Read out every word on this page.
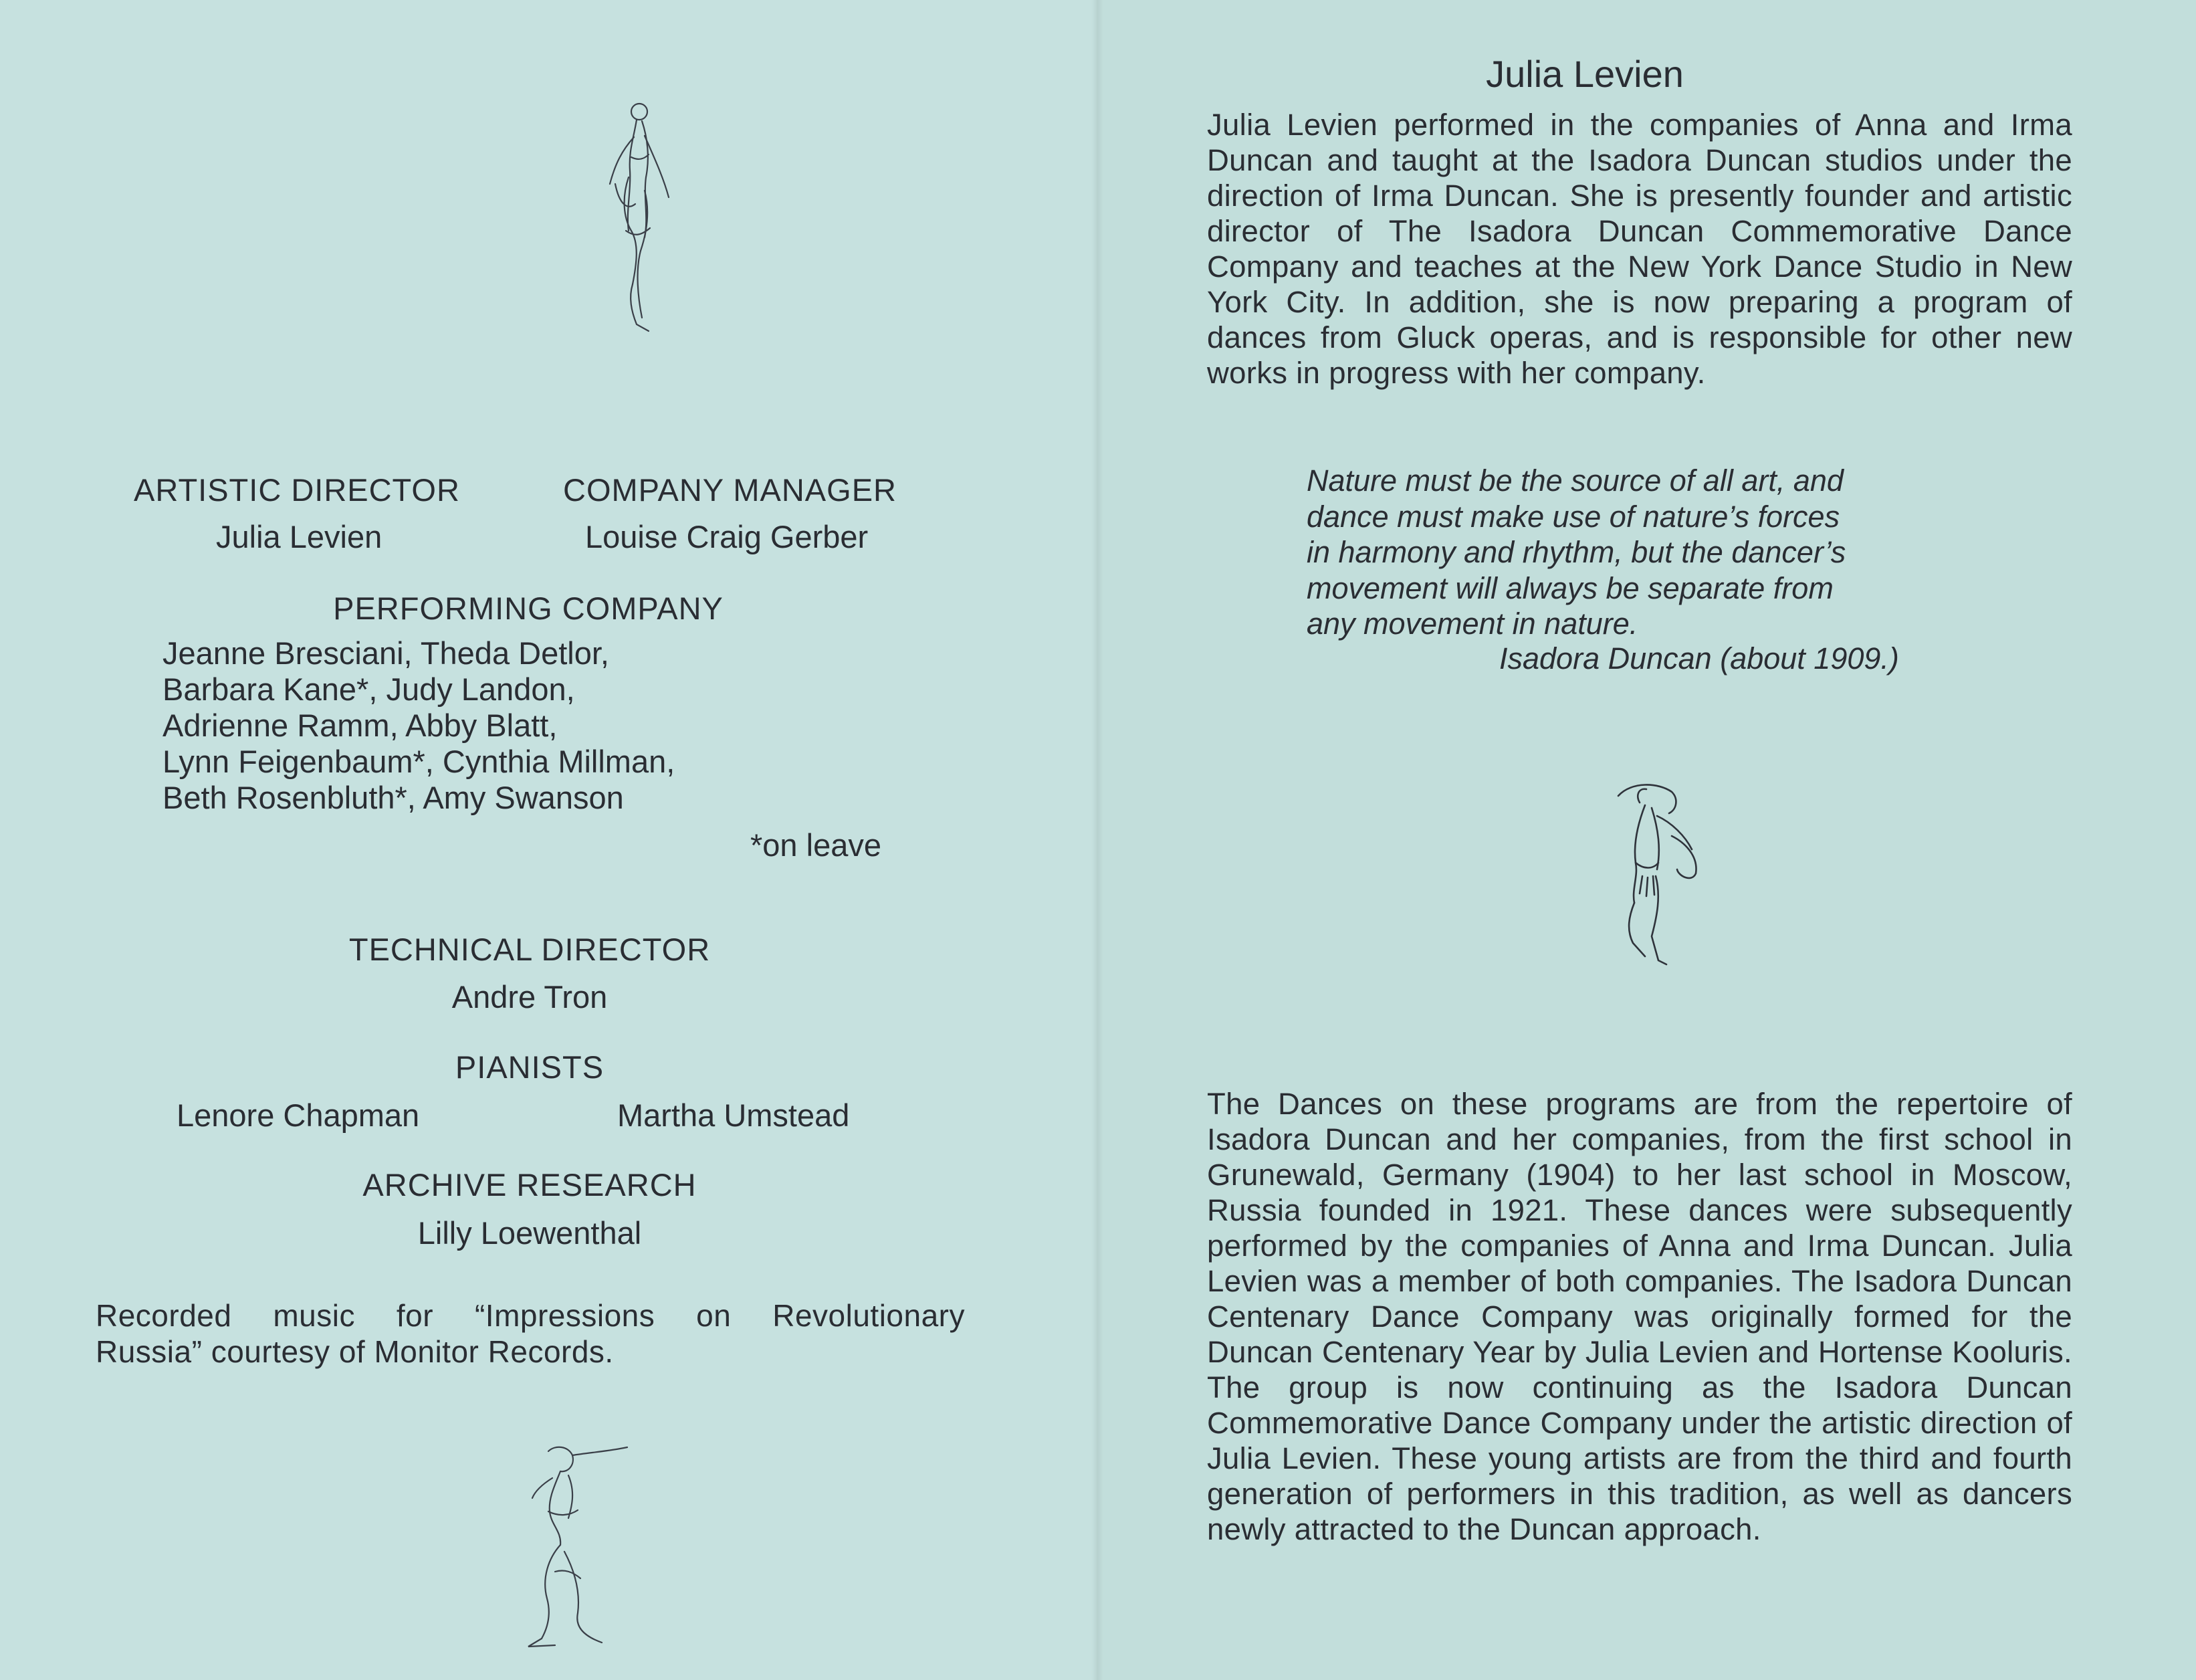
ARTISTIC DIRECTOR
Julia Levien
COMPANY MANAGER
Louise Craig Gerber
PERFORMING COMPANY
Jeanne Bresciani, Theda Detlor,
Barbara Kane*, Judy Landon,
Adrienne Ramm, Abby Blatt,
Lynn Feigenbaum*, Cynthia Millman,
Beth Rosenbluth*, Amy Swanson
*on leave
TECHNICAL DIRECTOR
Andre Tron
PIANISTS
Lenore Chapman	Martha Umstead
ARCHIVE RESEARCH
Lilly Loewenthal
Recorded music for “Impressions on Revolutionary
Russia” courtesy of Monitor Records.
Julia Levien
Julia Levien performed in the companies of Anna and Irma Duncan and taught at the Isadora Duncan studios under the direction of Irma Duncan. She is presently founder and artistic director of The Isadora Duncan Commemorative Dance Company and teaches at the New York Dance Studio in New York City. In addition, she is now preparing a program of dances from Gluck operas, and is responsible for other new works in progress with her company.
Nature must be the source of all art, and
dance must make use of nature’s forces
in harmony and rhythm, but the dancer’s
movement will always be separate from
any movement in nature.
Isadora Duncan (about 1909.)
The Dances on these programs are from the repertoire of Isadora Duncan and her companies, from the first school in Grunewald, Germany (1904) to her last school in Moscow, Russia founded in 1921. These dances were subsequently performed by the companies of Anna and Irma Duncan. Julia Levien was a member of both companies. The Isadora Duncan Centenary Dance Company was originally formed for the Duncan Centenary Year by Julia Levien and Hortense Kooluris. The group is now continuing as the Isadora Duncan Commemorative Dance Company under the artistic direction of Julia Levien. These young artists are from the third and fourth generation of performers in this tradition, as well as dancers newly attracted to the Duncan approach.
